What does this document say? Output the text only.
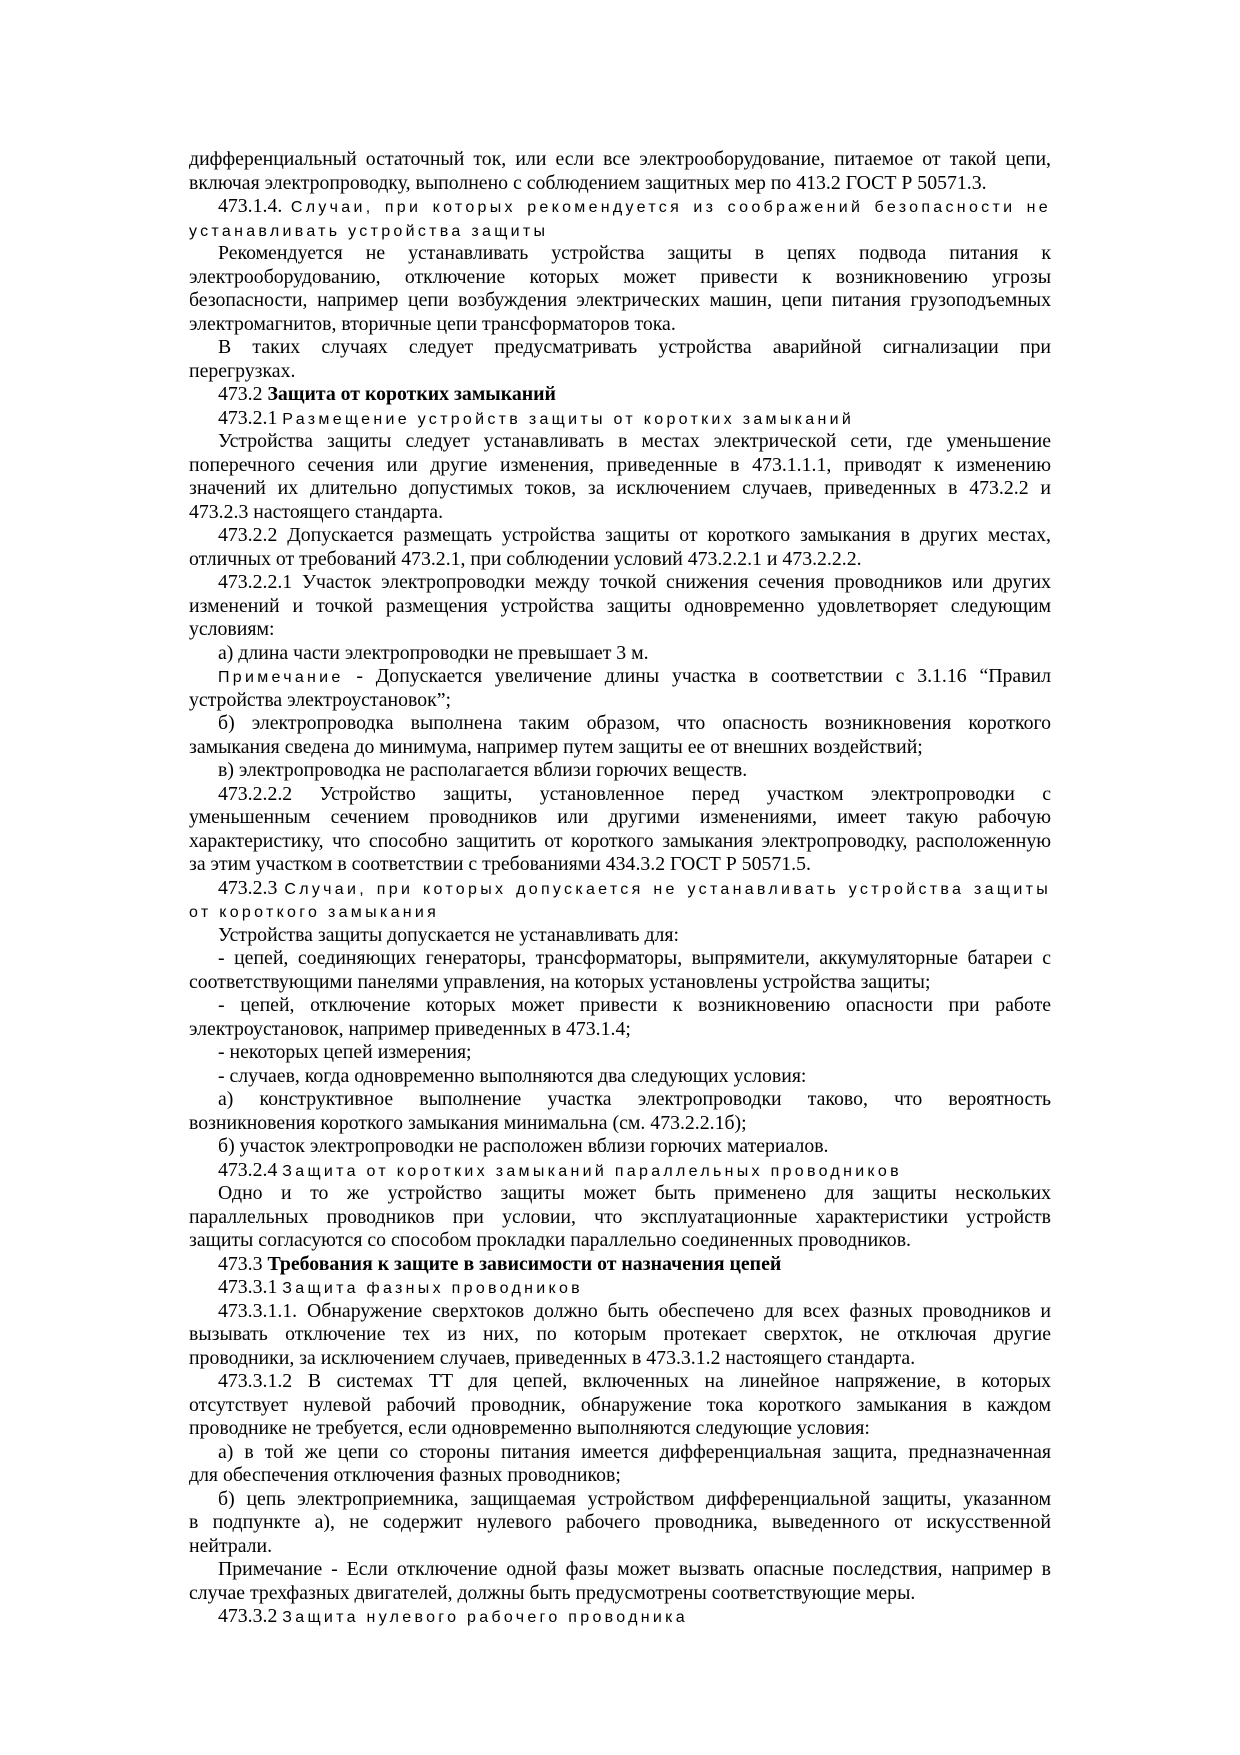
дифференциальный остаточный ток, или если все электрооборудование, питаемое от такой цепи,
включая электропроводку, выполнено с соблюдением защитных мер по 413.2 ГОСТ Р 50571.3.
473.1.4. Случаи, при которых рекомендуется из соображений безопасности не
устанавливать устройства защиты
Рекомендуется не устанавливать устройства защиты в цепях подвода питания к
электрооборудованию, отключение которых может привести к возникновению угрозы
безопасности, например цепи возбуждения электрических машин, цепи питания грузоподъемных
электромагнитов, вторичные цепи трансформаторов тока.
В таких случаях следует предусматривать устройства аварийной сигнализации при
перегрузках.
473.2 Защита от коротких замыканий
473.2.1 Размещение устройств защиты от коротких замыканий
Устройства защиты следует устанавливать в местах электрической сети, где уменьшение
поперечного сечения или другие изменения, приведенные в 473.1.1.1, приводят к изменению
значений их длительно допустимых токов, за исключением случаев, приведенных в 473.2.2 и
473.2.3 настоящего стандарта.
473.2.2 Допускается размещать устройства защиты от короткого замыкания в других местах,
отличных от требований 473.2.1, при соблюдении условий 473.2.2.1 и 473.2.2.2.
473.2.2.1 Участок электропроводки между точкой снижения сечения проводников или других
изменений и точкой размещения устройства защиты одновременно удовлетворяет следующим
условиям:
а) длина части электропроводки не превышает 3 м.
Примечание - Допускается увеличение длины участка в соответствии с 3.1.16 “Правил
устройства электроустановок”;
б) электропроводка выполнена таким образом, что опасность возникновения короткого
замыкания сведена до минимума, например путем защиты ее от внешних воздействий;
в) электропроводка не располагается вблизи горючих веществ.
473.2.2.2 Устройство защиты, установленное перед участком электропроводки с
уменьшенным сечением проводников или другими изменениями, имеет такую рабочую
характеристику, что способно защитить от короткого замыкания электропроводку, расположенную
за этим участком в соответствии с требованиями 434.3.2 ГОСТ Р 50571.5.
473.2.3 Случаи, при которых допускается не устанавливать устройства защиты
от короткого замыкания
Устройства защиты допускается не устанавливать для:
- цепей, соединяющих генераторы, трансформаторы, выпрямители, аккумуляторные батареи с
соответствующими панелями управления, на которых установлены устройства защиты;
- цепей, отключение которых может привести к возникновению опасности при работе
электроустановок, например приведенных в 473.1.4;
- некоторых цепей измерения;
- случаев, когда одновременно выполняются два следующих условия:
а) конструктивное выполнение участка электропроводки таково, что вероятность
возникновения короткого замыкания минимальна (см. 473.2.2.1б);
б) участок электропроводки не расположен вблизи горючих материалов.
473.2.4 Защита от коротких замыканий параллельных проводников
Одно и то же устройство защиты может быть применено для защиты нескольких
параллельных проводников при условии, что эксплуатационные характеристики устройств
защиты согласуются со способом прокладки параллельно соединенных проводников.
473.3 Требования к защите в зависимости от назначения цепей
473.3.1 Защита фазных проводников
473.3.1.1. Обнаружение сверхтоков должно быть обеспечено для всех фазных проводников и
вызывать отключение тех из них, по которым протекает сверхток, не отключая другие
проводники, за исключением случаев, приведенных в 473.3.1.2 настоящего стандарта.
473.3.1.2 В системах TT для цепей, включенных на линейное напряжение, в которых
отсутствует нулевой рабочий проводник, обнаружение тока короткого замыкания в каждом
проводнике не требуется, если одновременно выполняются следующие условия:
а) в той же цепи со стороны питания имеется дифференциальная защита, предназначенная
для обеспечения отключения фазных проводников;
б) цепь электроприемника, защищаемая устройством дифференциальной защиты, указанном
в подпункте а), не содержит нулевого рабочего проводника, выведенного от искусственной
нейтрали.
Примечание - Если отключение одной фазы может вызвать опасные последствия, например в
случае трехфазных двигателей, должны быть предусмотрены соответствующие меры.
473.3.2 Защита нулевого рабочего проводника
